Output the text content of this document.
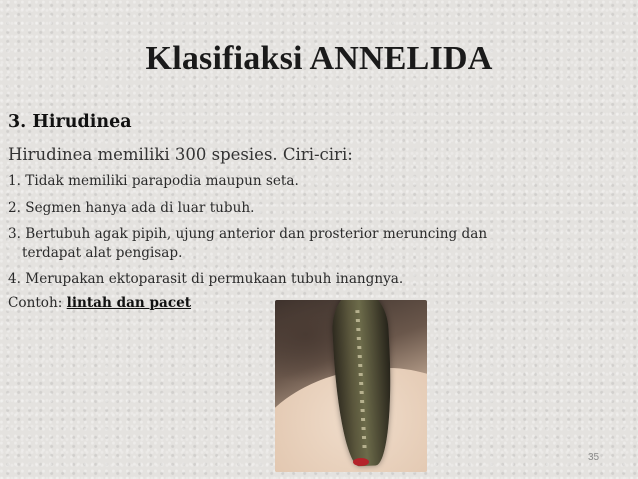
Klasifiaksi ANNELIDA
3. Hirudinea
Hirudinea memiliki 300 spesies. Ciri-ciri:
1. Tidak memiliki parapodia maupun seta.
2. Segmen hanya ada di luar tubuh.
3. Bertubuh agak pipih, ujung anterior dan prosterior meruncing dan
terdapat alat pengisap.
4. Merupakan ektoparasit di permukaan tubuh inangnya.
Contoh: lintah dan pacet
35
